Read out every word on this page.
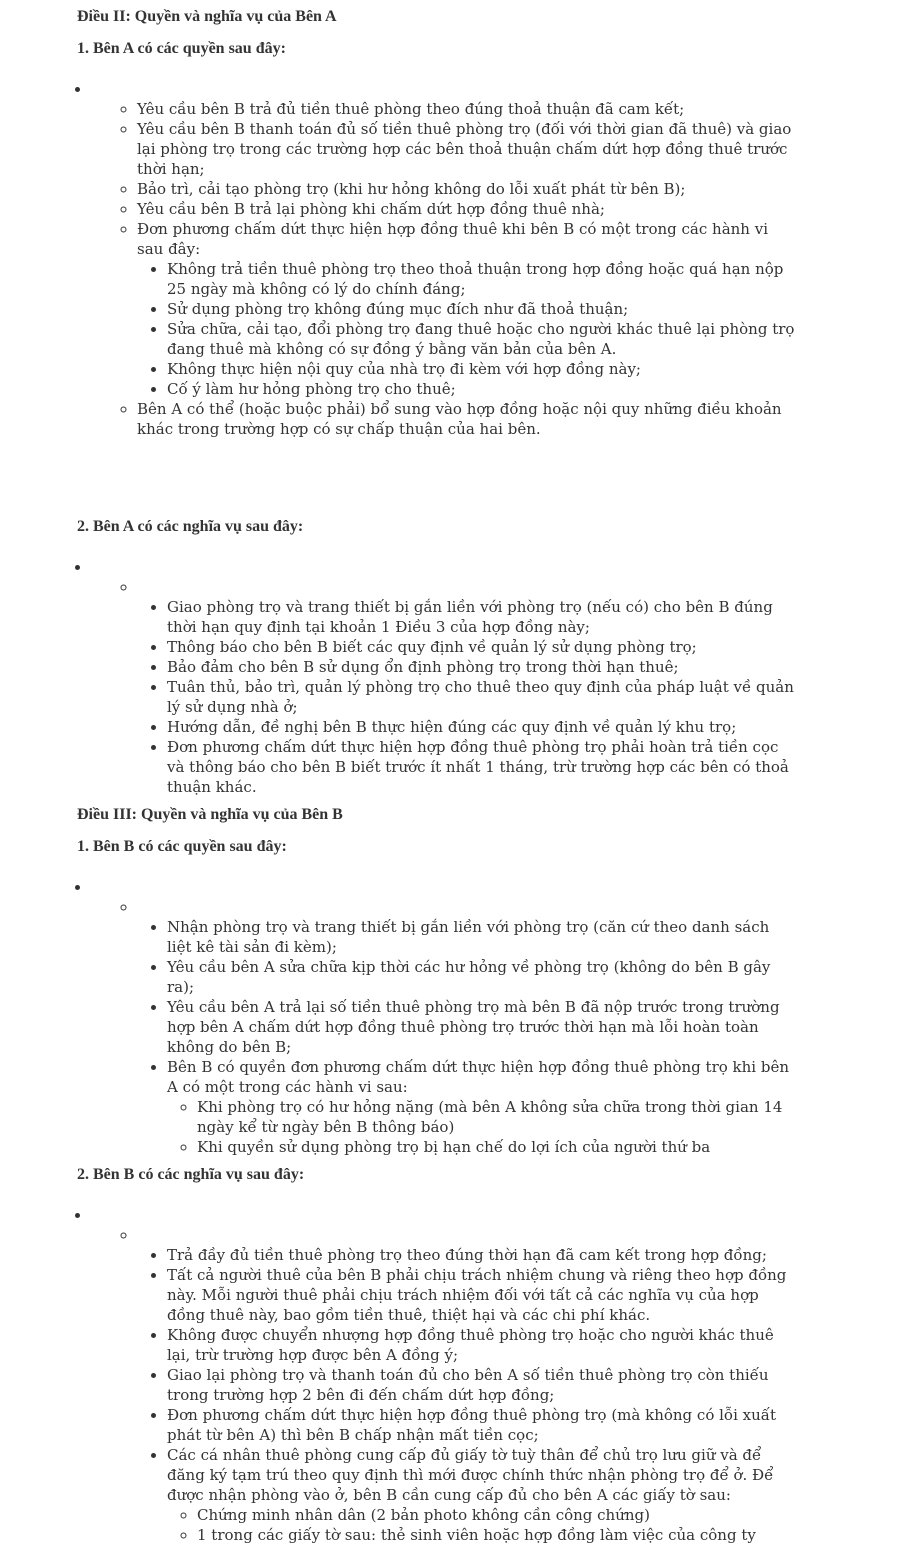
Điều II: Quyền và nghĩa vụ của Bên A
1. Bên A có các quyền sau đây:
•
◦ Yêu cầu bên B trả đủ tiền thuê phòng theo đúng thoả thuận đã cam kết;
◦ Yêu cầu bên B thanh toán đủ số tiền thuê phòng trọ (đối với thời gian đã thuê) và giao lại phòng trọ trong các trường hợp các bên thoả thuận chấm dứt hợp đồng thuê trước thời hạn;
◦ Bảo trì, cải tạo phòng trọ (khi hư hỏng không do lỗi xuất phát từ bên B);
◦ Yêu cầu bên B trả lại phòng khi chấm dứt hợp đồng thuê nhà;
◦ Đơn phương chấm dứt thực hiện hợp đồng thuê khi bên B có một trong các hành vi sau đây:
• Không trả tiền thuê phòng trọ theo thoả thuận trong hợp đồng hoặc quá hạn nộp 25 ngày mà không có lý do chính đáng;
• Sử dụng phòng trọ không đúng mục đích như đã thoả thuận;
• Sửa chữa, cải tạo, đổi phòng trọ đang thuê hoặc cho người khác thuê lại phòng trọ đang thuê mà không có sự đồng ý bằng văn bản của bên A.
• Không thực hiện nội quy của nhà trọ đi kèm với hợp đồng này;
• Cố ý làm hư hỏng phòng trọ cho thuê;
◦ Bên A có thể (hoặc buộc phải) bổ sung vào hợp đồng hoặc nội quy những điều khoản khác trong trường hợp có sự chấp thuận của hai bên.
2. Bên A có các nghĩa vụ sau đây:
•
◦
• Giao phòng trọ và trang thiết bị gắn liền với phòng trọ (nếu có) cho bên B đúng thời hạn quy định tại khoản 1 Điều 3 của hợp đồng này;
• Thông báo cho bên B biết các quy định về quản lý sử dụng phòng trọ;
• Bảo đảm cho bên B sử dụng ổn định phòng trọ trong thời hạn thuê;
• Tuân thủ, bảo trì, quản lý phòng trọ cho thuê theo quy định của pháp luật về quản lý sử dụng nhà ở;
• Hướng dẫn, đề nghị bên B thực hiện đúng các quy định về quản lý khu trọ;
• Đơn phương chấm dứt thực hiện hợp đồng thuê phòng trọ phải hoàn trả tiền cọc và thông báo cho bên B biết trước ít nhất 1 tháng, trừ trường hợp các bên có thoả thuận khác.
Điều III: Quyền và nghĩa vụ của Bên B
1. Bên B có các quyền sau đây:
•
◦
• Nhận phòng trọ và trang thiết bị gắn liền với phòng trọ (căn cứ theo danh sách liệt kê tài sản đi kèm);
• Yêu cầu bên A sửa chữa kịp thời các hư hỏng về phòng trọ (không do bên B gây ra);
• Yêu cầu bên A trả lại số tiền thuê phòng trọ mà bên B đã nộp trước trong trường hợp bên A chấm dứt hợp đồng thuê phòng trọ trước thời hạn mà lỗi hoàn toàn không do bên B;
• Bên B có quyền đơn phương chấm dứt thực hiện hợp đồng thuê phòng trọ khi bên A có một trong các hành vi sau:
◦ Khi phòng trọ có hư hỏng nặng (mà bên A không sửa chữa trong thời gian 14 ngày kể từ ngày bên B thông báo)
◦ Khi quyền sử dụng phòng trọ bị hạn chế do lợi ích của người thứ ba
2. Bên B có các nghĩa vụ sau đây:
•
◦
• Trả đầy đủ tiền thuê phòng trọ theo đúng thời hạn đã cam kết trong hợp đồng;
• Tất cả người thuê của bên B phải chịu trách nhiệm chung và riêng theo hợp đồng này. Mỗi người thuê phải chịu trách nhiệm đối với tất cả các nghĩa vụ của hợp đồng thuê này, bao gồm tiền thuê, thiệt hại và các chi phí khác.
• Không được chuyển nhượng hợp đồng thuê phòng trọ hoặc cho người khác thuê lại, trừ trường hợp được bên A đồng ý;
• Giao lại phòng trọ và thanh toán đủ cho bên A số tiền thuê phòng trọ còn thiếu trong trường hợp 2 bên đi đến chấm dứt hợp đồng;
• Đơn phương chấm dứt thực hiện hợp đồng thuê phòng trọ (mà không có lỗi xuất phát từ bên A) thì bên B chấp nhận mất tiền cọc;
• Các cá nhân thuê phòng cung cấp đủ giấy tờ tuỳ thân để chủ trọ lưu giữ và để đăng ký tạm trú theo quy định thì mới được chính thức nhận phòng trọ để ở. Để được nhận phòng vào ở, bên B cần cung cấp đủ cho bên A các giấy tờ sau:
◦ Chứng minh nhân dân (2 bản photo không cần công chứng)
◦ 1 trong các giấy tờ sau: thẻ sinh viên hoặc hợp đồng làm việc của công ty
